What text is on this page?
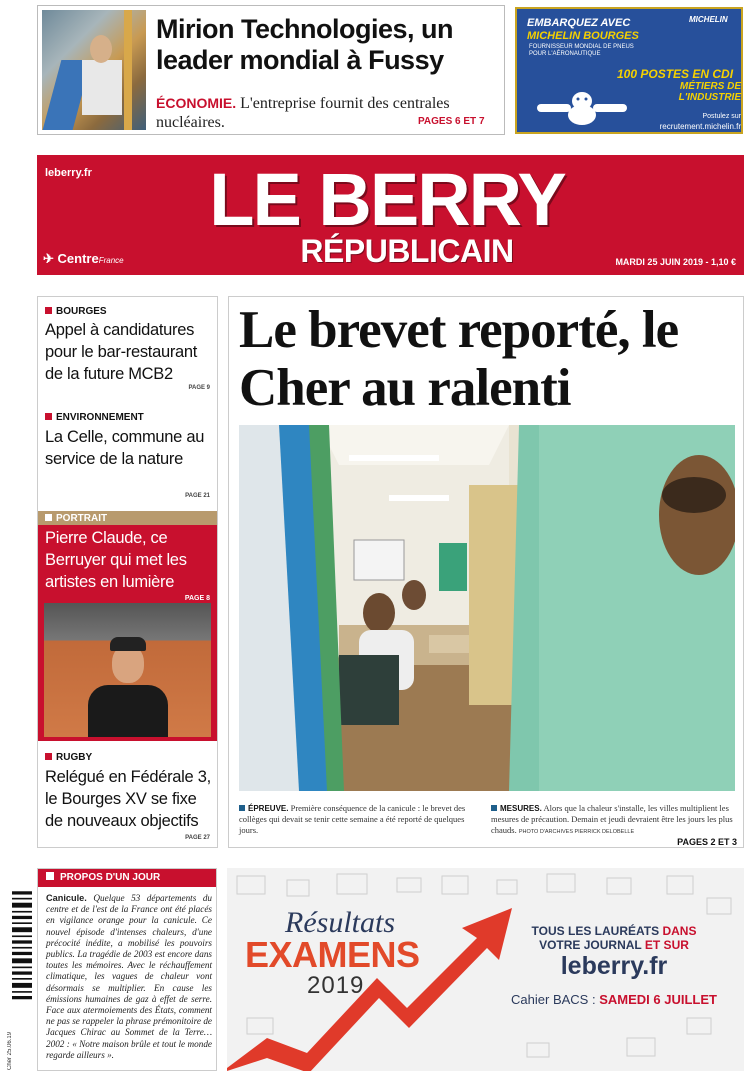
Mirion Technologies, un leader mondial à Fussy
ÉCONOMIE. L'entreprise fournit des centrales nucléaires.	PAGES 6 ET 7
EMBARQUEZ AVEC
MICHELIN BOURGES
FOURNISSEUR MONDIAL DE PNEUS POUR L'AÉRONAUTIQUE
MICHELIN
100 POSTES EN CDI
MÉTIERS DE L'INDUSTRIE
Postulez sur
recrutement.michelin.fr
leberry.fr	LE BERRY
RÉPUBLICAIN
✈ CentreFrance	MARDI 25 JUIN 2019 - 1,10 €
BOURGES
Appel à candidatures pour le bar-restaurant de la future MCB2
PAGE 9
ENVIRONNEMENT
La Celle, commune au service de la nature
PAGE 21
PORTRAIT
Pierre Claude, ce Berruyer qui met les artistes en lumière
PAGE 8
RUGBY
Relégué en Fédérale 3, le Bourges XV se fixe de nouveaux objectifs
PAGE 27
Le brevet reporté, le Cher au ralenti
ÉPREUVE. Première conséquence de la canicule : le brevet des collèges qui devait se tenir cette semaine a été reporté de quelques jours.
MESURES. Alors que la chaleur s'installe, les villes multiplient les mesures de précaution. Demain et jeudi devraient être les jours les plus chauds. PHOTO D'ARCHIVES PIERRICK DELOBELLE
PAGES 2 ET 3
Cher 25.06.19
PROPOS D'UN JOUR
Canicule. Quelque 53 départements du centre et de l'est de la France ont été placés en vigilance orange pour la canicule. Ce nouvel épisode d'intenses chaleurs, d'une précocité inédite, a mobilisé les pouvoirs publics. La tragédie de 2003 est encore dans toutes les mémoires. Avec le réchauffement climatique, les vagues de chaleur vont désormais se multiplier. En cause les émissions humaines de gaz à effet de serre. Face aux atermoiements des États, comment ne pas se rappeler la phrase prémonitoire de Jacques Chirac au Sommet de la Terre… 2002 : « Notre maison brûle et tout le monde regarde ailleurs ».
Résultats
EXAMENS
2019
TOUS LES LAURÉATS DANS
VOTRE JOURNAL ET SUR
leberry.fr
Cahier BACS : SAMEDI 6 JUILLET
